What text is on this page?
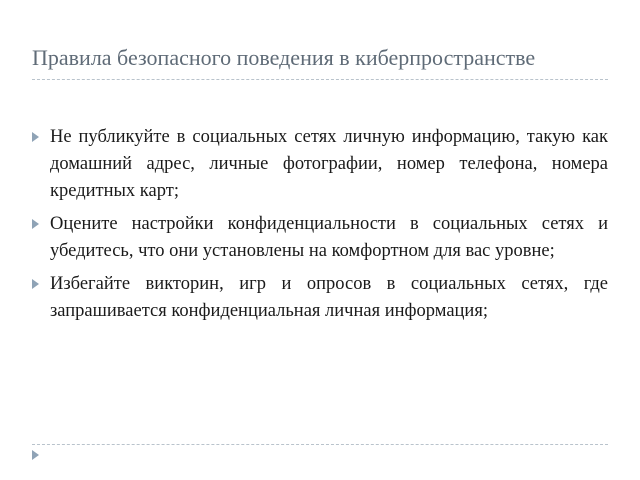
Правила безопасного поведения в киберпространстве
Не публикуйте в социальных сетях личную информацию, такую как домашний адрес, личные фотографии, номер телефона, номера кредитных карт;
Оцените настройки конфиденциальности в социальных сетях и убедитесь, что они установлены на комфортном для вас уровне;
Избегайте викторин, игр и опросов в социальных сетях, где запрашивается конфиденциальная личная информация;
